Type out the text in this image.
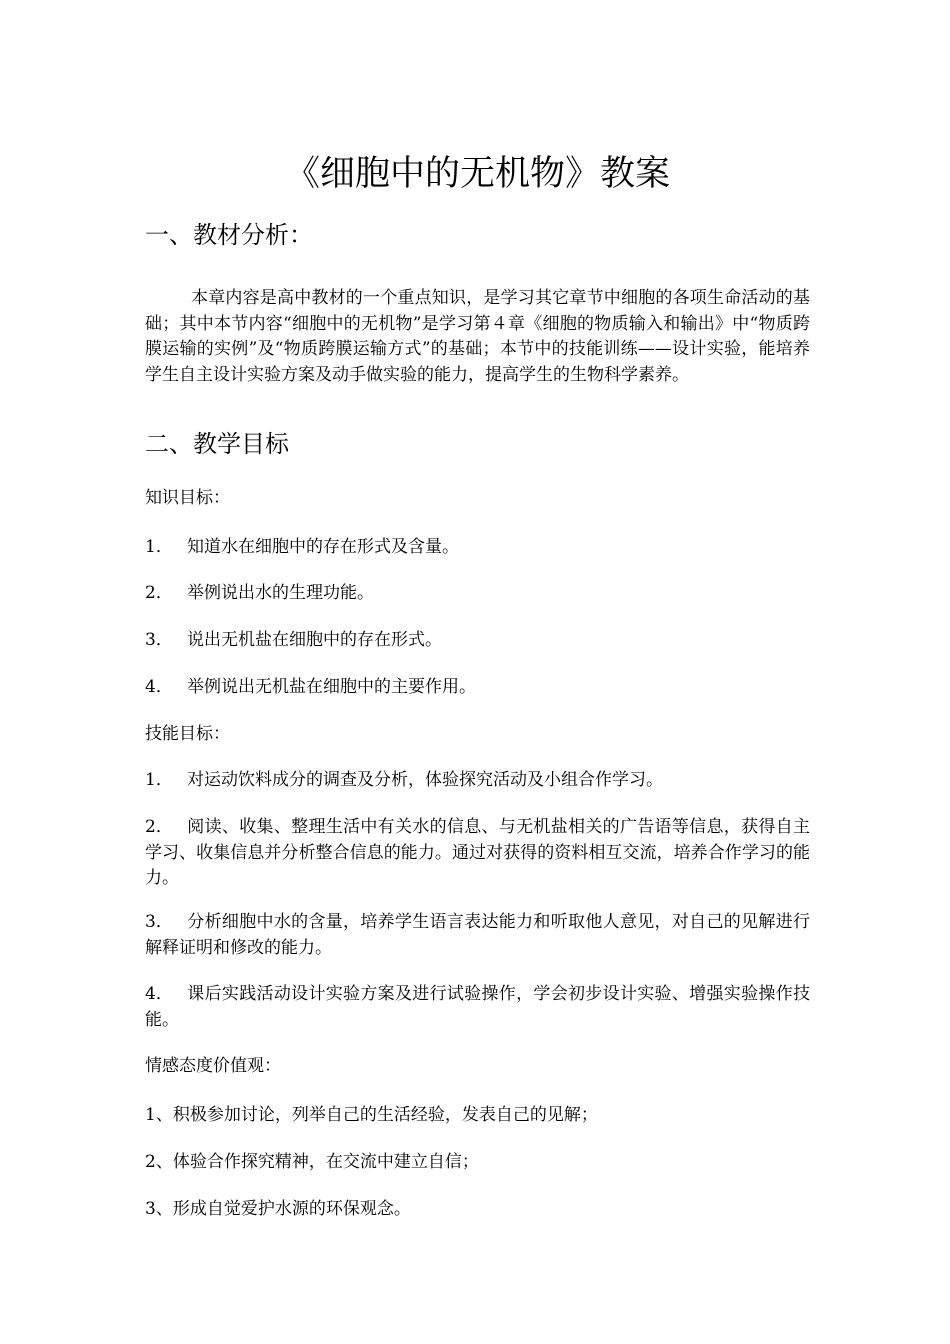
《细胞中的无机物》教案
一、教材分析：

本章内容是高中教材的一个重点知识，是学习其它章节中细胞的各项生命活动的基础；其中本节内容“细胞中的无机物”是学习第４章《细胞的物质输入和输出》中“物质跨膜运输的实例”及“物质跨膜运输方式”的基础；本节中的技能训练——设计实验，能培养学生自主设计实验方案及动手做实验的能力，提高学生的生物科学素养。

二、教学目标

知识目标：

1． 知道水在细胞中的存在形式及含量。

2． 举例说出水的生理功能。

3． 说出无机盐在细胞中的存在形式。

4． 举例说出无机盐在细胞中的主要作用。

技能目标：

1． 对运动饮料成分的调查及分析，体验探究活动及小组合作学习。

2． 阅读、收集、整理生活中有关水的信息、与无机盐相关的广告语等信息，获得自主学习、收集信息并分析整合信息的能力。通过对获得的资料相互交流，培养合作学习的能力。

3． 分析细胞中水的含量，培养学生语言表达能力和听取他人意见，对自己的见解进行解释证明和修改的能力。

4． 课后实践活动设计实验方案及进行试验操作，学会初步设计实验、增强实验操作技能。

情感态度价值观：

1、积极参加讨论，列举自己的生活经验，发表自己的见解；

2、体验合作探究精神，在交流中建立自信；

3、形成自觉爱护水源的环保观念。
